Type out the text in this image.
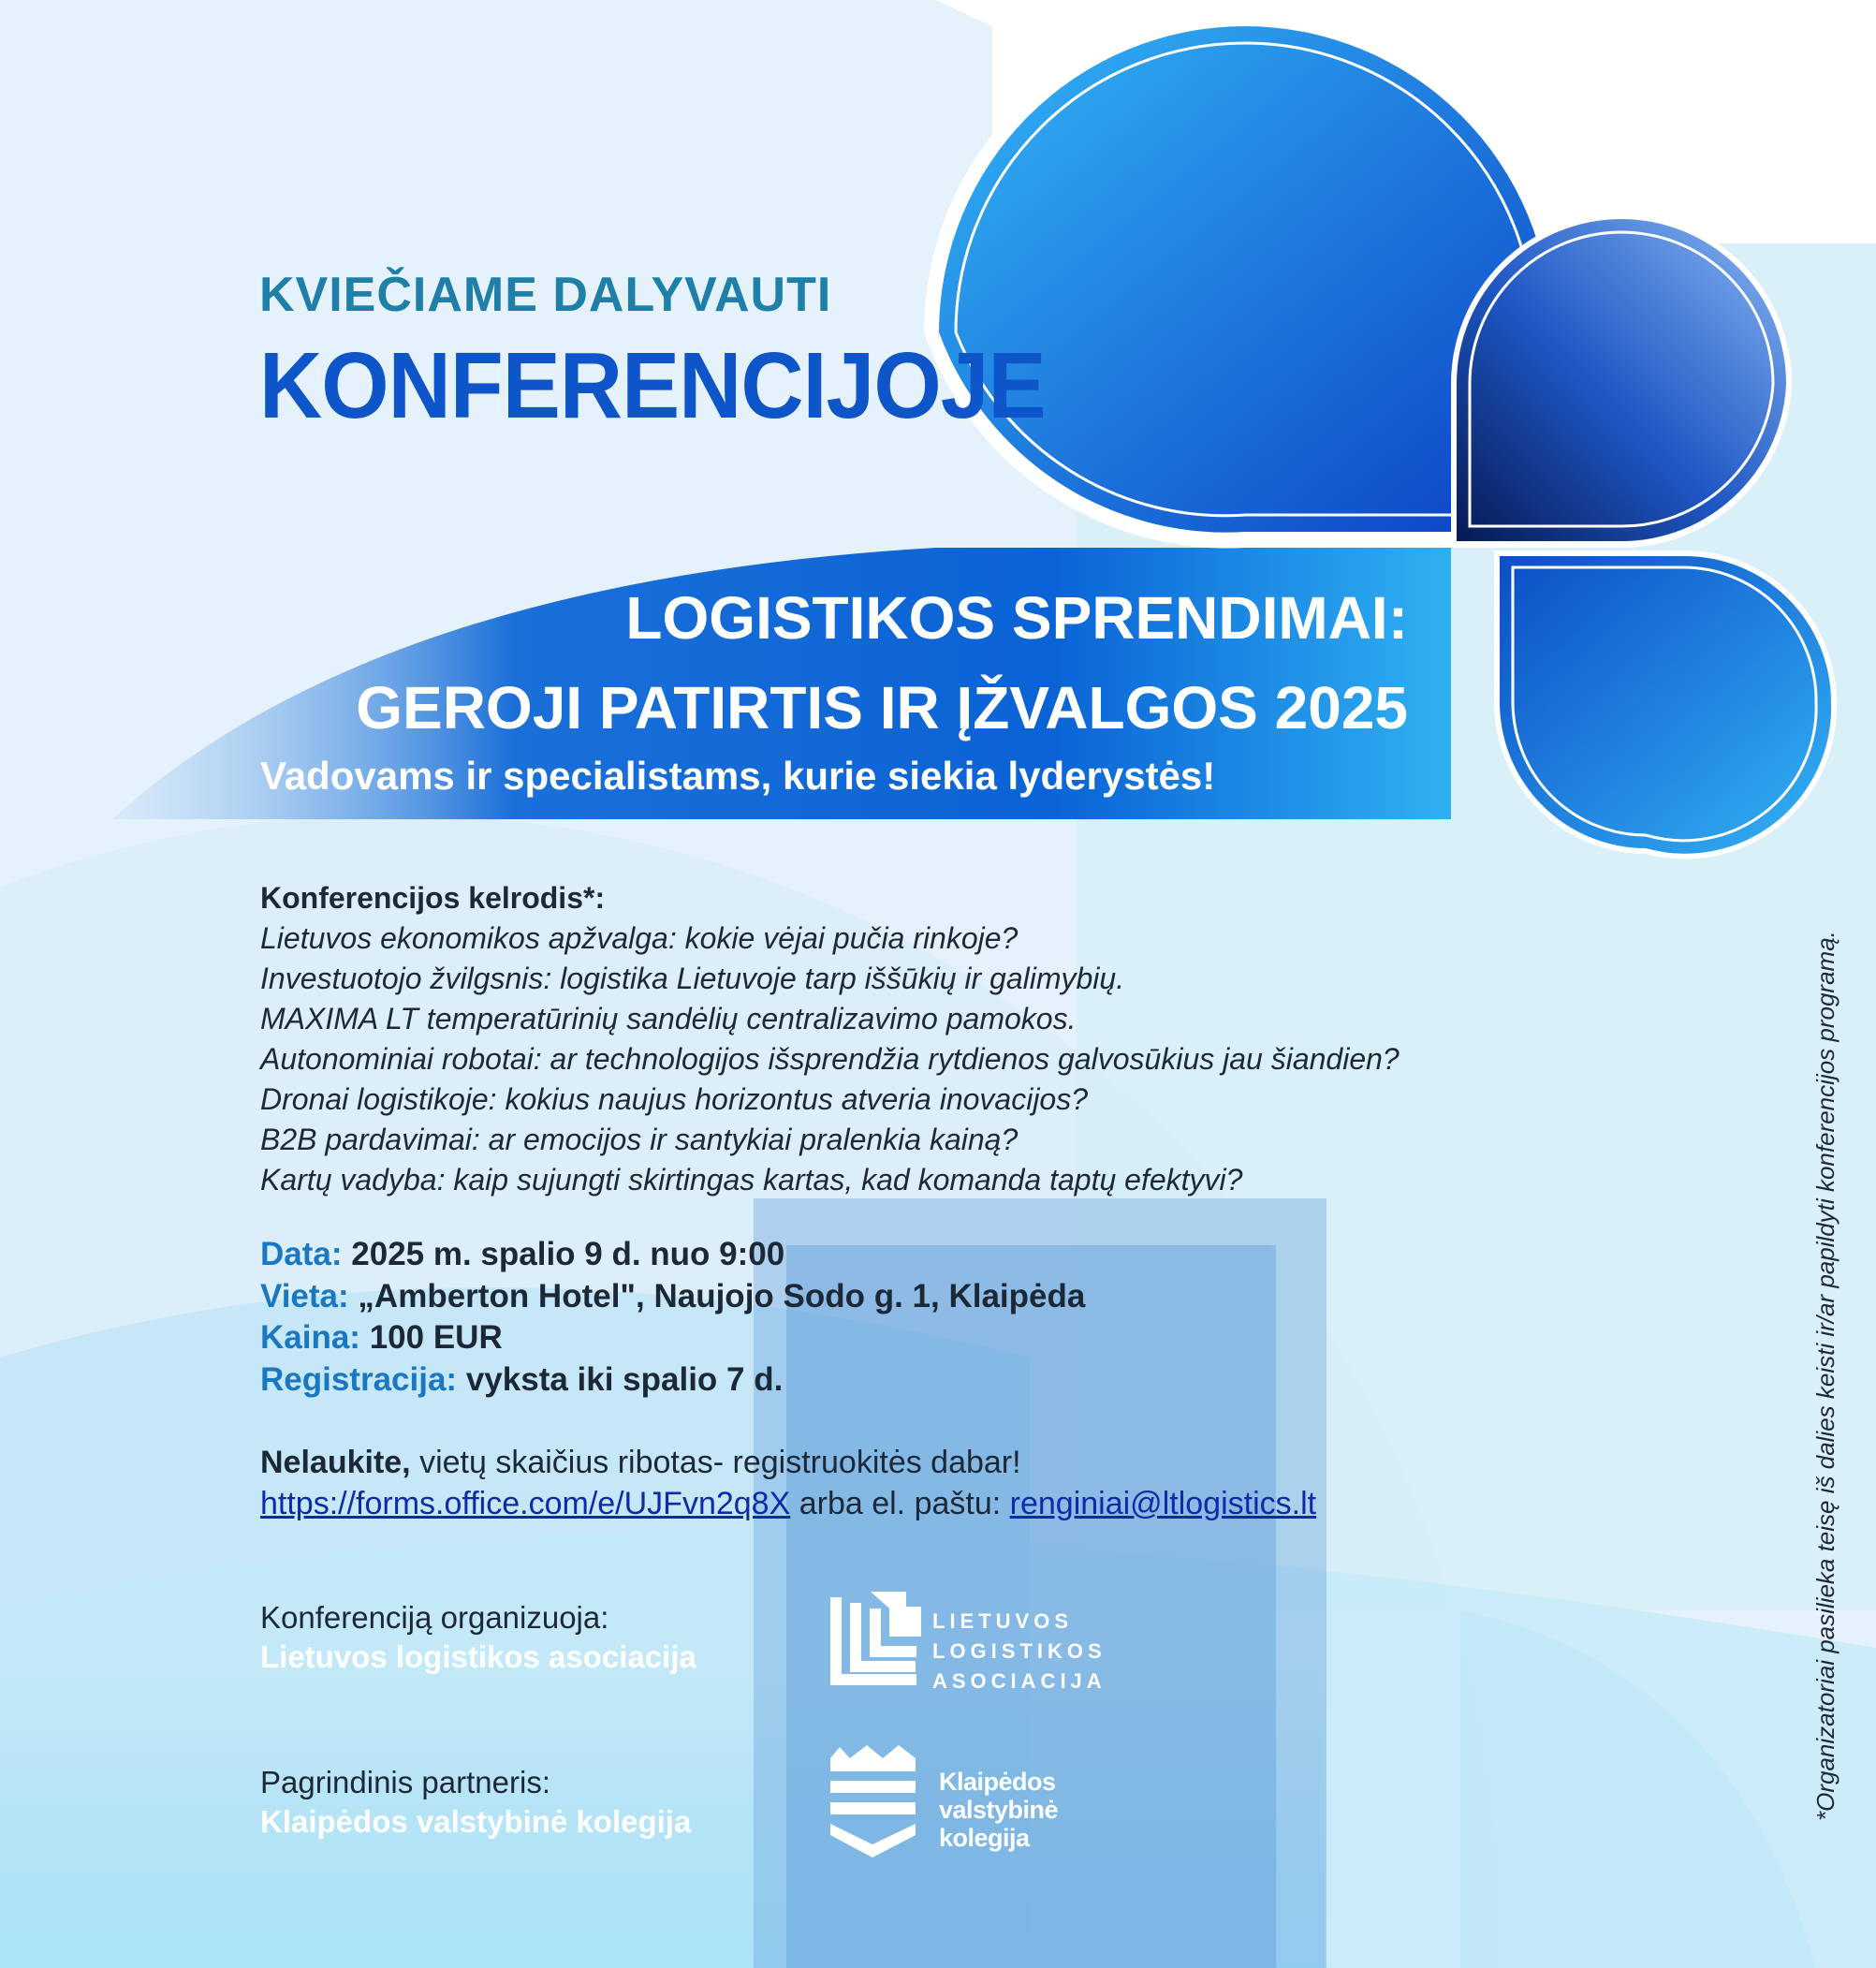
KVIEČIAME DALYVAUTI
KONFERENCIJOJE
LOGISTIKOS SPRENDIMAI:
GEROJI PATIRTIS IR ĮŽVALGOS 2025
Vadovams ir specialistams, kurie siekia lyderystės!
Konferencijos kelrodis*:
Lietuvos ekonomikos apžvalga: kokie vėjai pučia rinkoje?
Investuotojo žvilgsnis: logistika Lietuvoje tarp iššūkių ir galimybių.
MAXIMA LT temperatūrinių sandėlių centralizavimo pamokos.
Autonominiai robotai: ar technologijos išsprendžia rytdienos galvosūkius jau šiandien?
Dronai logistikoje: kokius naujus horizontus atveria inovacijos?
B2B pardavimai: ar emocijos ir santykiai pralenkia kainą?
Kartų vadyba: kaip sujungti skirtingas kartas, kad komanda taptų efektyvi?
Data: 2025 m. spalio 9 d. nuo 9:00
Vieta: „Amberton Hotel", Naujojo Sodo g. 1, Klaipėda
Kaina: 100 EUR
Registracija: vyksta iki spalio 7 d.
Nelaukite, vietų skaičius ribotas- registruokitės dabar!
https://forms.office.com/e/UJFvn2q8X arba el. paštu: renginiai@ltlogistics.lt
Konferenciją organizuoja:
Lietuvos logistikos asociacija
Pagrindinis partneris:
Klaipėdos valstybinė kolegija
LIETUVOS
LOGISTIKOS
ASOCIACIJA
Klaipėdos
valstybinė
kolegija
*Organizatoriai pasilieka teisę iš dalies keisti ir/ar papildyti konferencijos programą.
